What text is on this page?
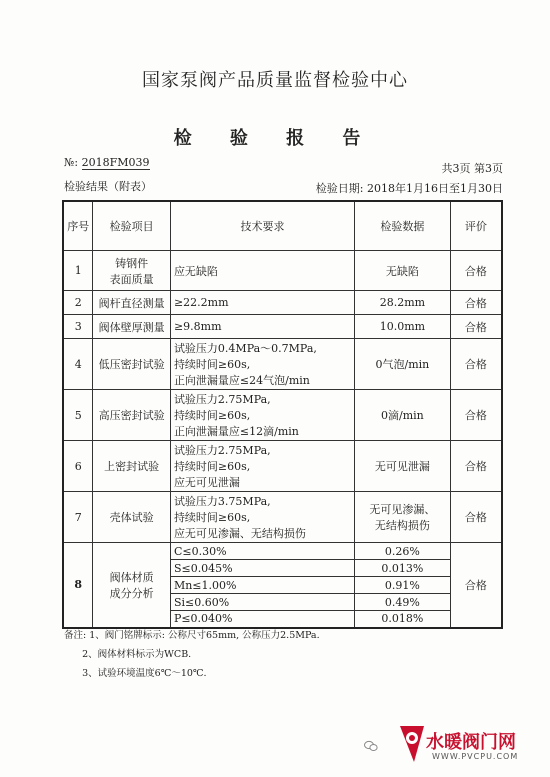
国家泵阀产品质量监督检验中心
检 验 报 告
№: 2018FM039	共3页 第3页
检验结果（附表）	检验日期: 2018年1月16日至1月30日
序号	检验项目	技术要求	检验数据	评价
1	铸钢件
表面质量	应无缺陷	无缺陷	合格
2	阀杆直径测量	≥22.2mm	28.2mm	合格
3	阀体壁厚测量	≥9.8mm	10.0mm	合格
4	低压密封试验	试验压力0.4MPa～0.7MPa,
持续时间≥60s,
正向泄漏量应≤24气泡/min	0气泡/min	合格
5	高压密封试验	试验压力2.75MPa,
持续时间≥60s,
正向泄漏量应≤12滴/min	0滴/min	合格
6	上密封试验	试验压力2.75MPa,
持续时间≥60s,
应无可见泄漏	无可见泄漏	合格
7	壳体试验	试验压力3.75MPa,
持续时间≥60s,
应无可见渗漏、无结构损伤	无可见渗漏、
无结构损伤	合格
8	阀体材质
成分分析	C≤0.30%	0.26%	合格
		S≤0.045%	0.013%	
		Mn≤1.00%	0.91%	
		Si≤0.60%	0.49%	
		P≤0.040%	0.018%	
备注: 1、阀门铭牌标示: 公称尺寸65mm, 公称压力2.5MPa.
2、阀体材料标示为WCB.
3、试验环境温度6℃～10℃.
水暖阀门网
WWW.PVCPU.COM
